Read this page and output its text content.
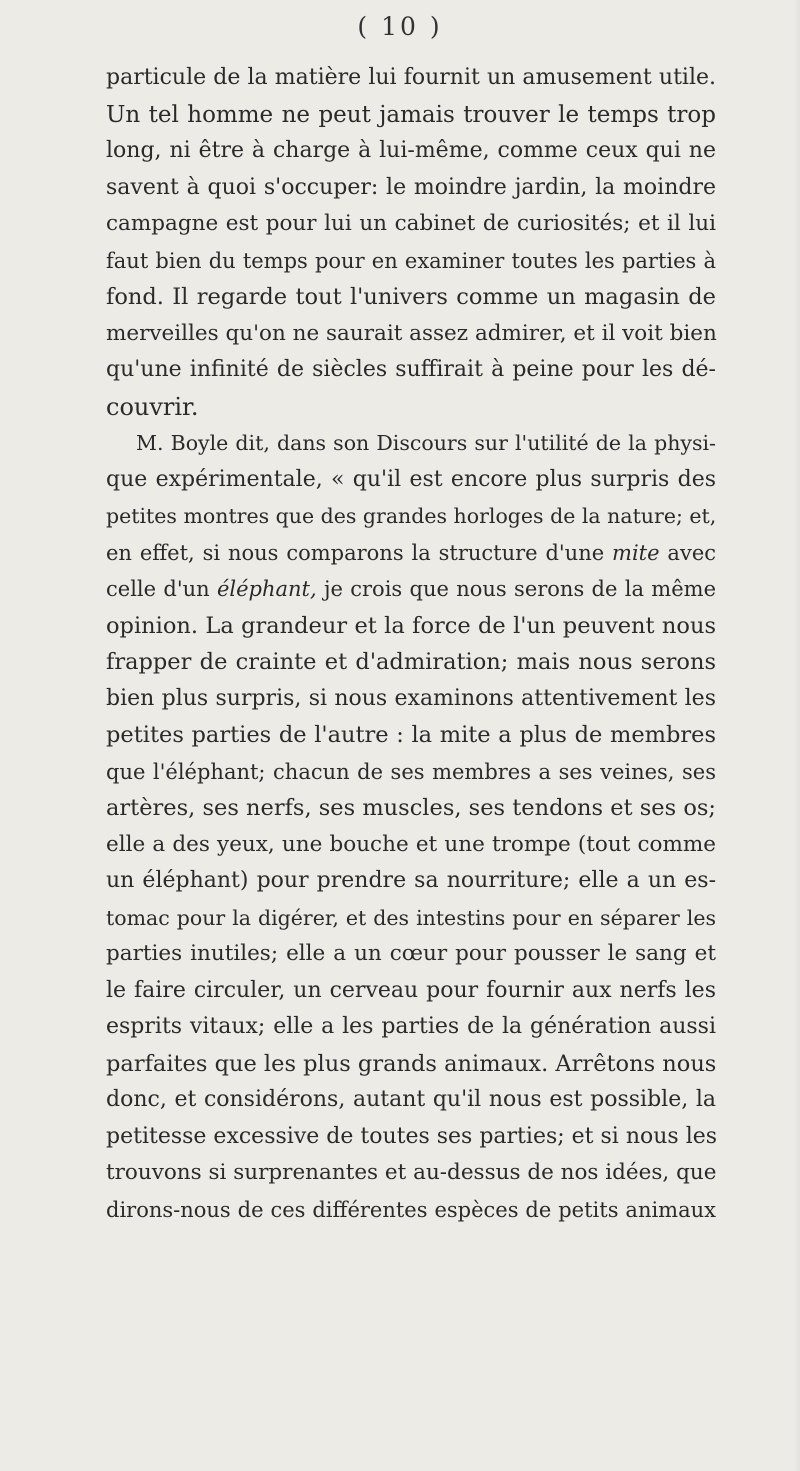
( 10 )
particule de la matière lui fournit un amusement utile.
Un tel homme ne peut jamais trouver le temps trop
long, ni être à charge à lui-même, comme ceux qui ne
savent à quoi s'occuper: le moindre jardin, la moindre
campagne est pour lui un cabinet de curiosités; et il lui
faut bien du temps pour en examiner toutes les parties à
fond. Il regarde tout l'univers comme un magasin de
merveilles qu'on ne saurait assez admirer, et il voit bien
qu'une infinité de siècles suffirait à peine pour les dé-
couvrir.
M. Boyle dit, dans son Discours sur l'utilité de la physi-
que expérimentale, « qu'il est encore plus surpris des
petites montres que des grandes horloges de la nature; et,
en effet, si nous comparons la structure d'une mite avec
celle d'un éléphant, je crois que nous serons de la même
opinion. La grandeur et la force de l'un peuvent nous
frapper de crainte et d'admiration; mais nous serons
bien plus surpris, si nous examinons attentivement les
petites parties de l'autre : la mite a plus de membres
que l'éléphant; chacun de ses membres a ses veines, ses
artères, ses nerfs, ses muscles, ses tendons et ses os;
elle a des yeux, une bouche et une trompe (tout comme
un éléphant) pour prendre sa nourriture; elle a un es-
tomac pour la digérer, et des intestins pour en séparer les
parties inutiles; elle a un cœur pour pousser le sang et
le faire circuler, un cerveau pour fournir aux nerfs les
esprits vitaux; elle a les parties de la génération aussi
parfaites que les plus grands animaux. Arrêtons nous
donc, et considérons, autant qu'il nous est possible, la
petitesse excessive de toutes ses parties; et si nous les
trouvons si surprenantes et au-dessus de nos idées, que
dirons-nous de ces différentes espèces de petits animaux
